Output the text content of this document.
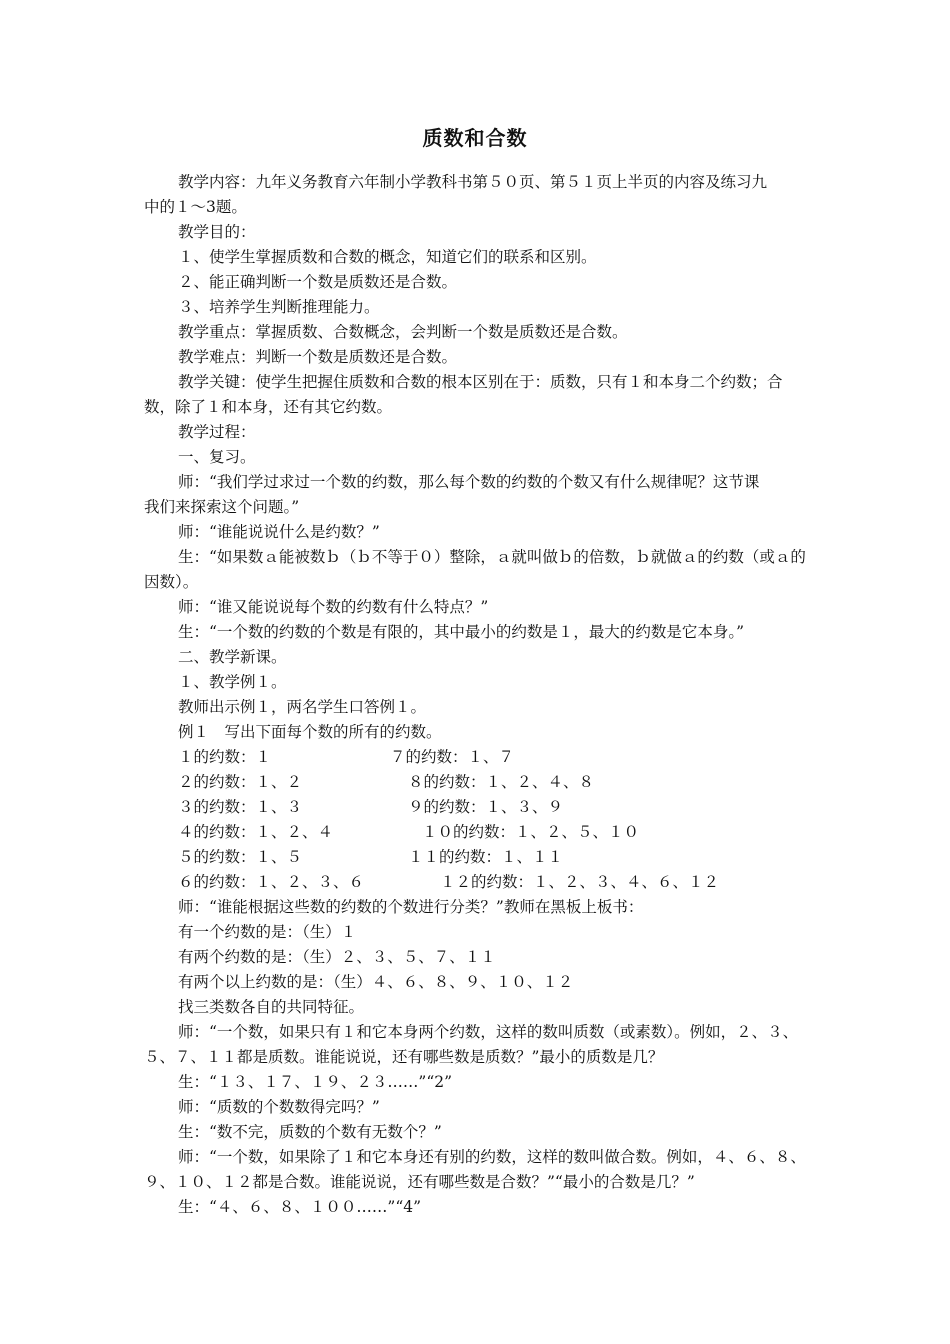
质数和合数
教学内容：九年义务教育六年制小学教科书第５０页、第５１页上半页的内容及练习九
中的１～3题。
教学目的：
１、使学生掌握质数和合数的概念，知道它们的联系和区别。
２、能正确判断一个数是质数还是合数。
３、培养学生判断推理能力。
教学重点：掌握质数、合数概念，会判断一个数是质数还是合数。
教学难点：判断一个数是质数还是合数。
教学关键：使学生把握住质数和合数的根本区别在于：质数，只有１和本身二个约数；合
数，除了１和本身，还有其它约数。
教学过程：
一、复习。
师：“我们学过求过一个数的约数，那么每个数的约数的个数又有什么规律呢？这节课
我们来探索这个问题。”
师：“谁能说说什么是约数？”
生：“如果数ａ能被数ｂ（ｂ不等于０）整除，ａ就叫做ｂ的倍数，ｂ就做ａ的约数（或ａ的
因数）。
师：“谁又能说说每个数的约数有什么特点？”
生：“一个数的约数的个数是有限的，其中最小的约数是１，最大的约数是它本身。”
二、教学新课。
１、教学例１。
教师出示例１，两名学生口答例１。
例１　写出下面每个数的所有的约数。
１的约数：１	７的约数：１、７
２的约数：１、２	８的约数：１、２、４、８
３的约数：１、３	９的约数：１、３、９
４的约数：１、２、４	１０的约数：１、２、５、１０
５的约数：１、５	１１的约数：１、１１
６的约数：１、２、３、６	１２的约数：１、２、３、４、６、１２
师：“谁能根据这些数的约数的个数进行分类？”教师在黑板上板书：
有一个约数的是：（生）１
有两个约数的是：（生）２、３、５、７、１１
有两个以上约数的是：（生）４、６、８、９、１０、１２
找三类数各自的共同特征。
师：“一个数，如果只有１和它本身两个约数，这样的数叫质数（或素数）。例如，２、３、
５、７、１１都是质数。谁能说说，还有哪些数是质数？”最小的质数是几？
生：“１３、１７、１９、２３……”“2”
师：“质数的个数数得完吗？”
生：“数不完，质数的个数有无数个？”
师：“一个数，如果除了１和它本身还有别的约数，这样的数叫做合数。例如，４、６、８、
９、１０、１２都是合数。谁能说说，还有哪些数是合数？”“最小的合数是几？”
生：“４、６、８、１００……”“4”
